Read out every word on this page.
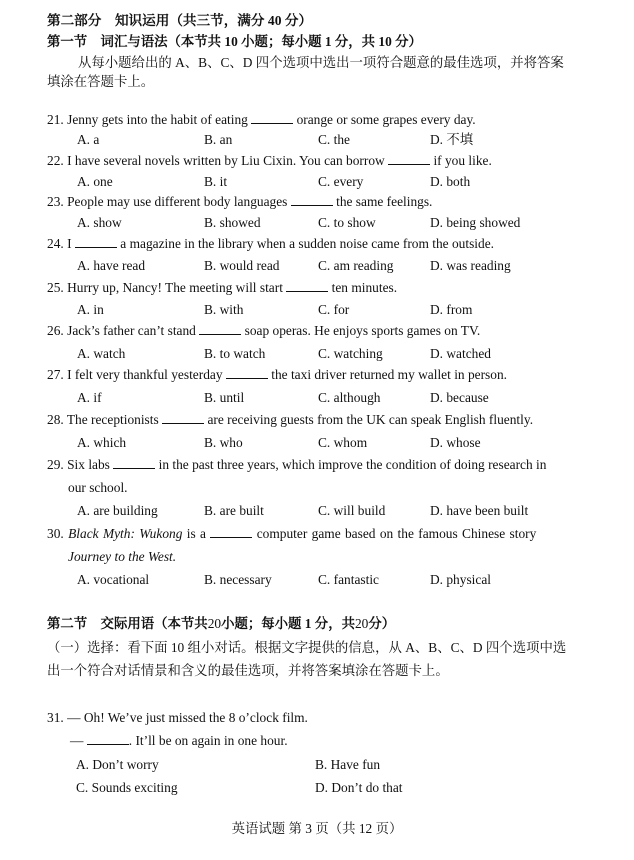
第二部分　知识运用（共三节，满分 40 分）
第一节　词汇与语法（本节共 10 小题；每小题 1 分，共 10 分）
从每小题给出的 A、B、C、D 四个选项中选出一项符合题意的最佳选项，并将答案
填涂在答题卡上。
21. Jenny gets into the habit of eating	orange or some grapes every day.
A. a	B. an	C. the	D. 不填
22. I have several novels written by Liu Cixin. You can borrow	if you like.
A. one	B. it	C. every	D. both
23. People may use different body languages	the same feelings.
A. show	B. showed	C. to show	D. being showed
24. I	a magazine in the library when a sudden noise came from the outside.
A. have read	B. would read	C. am reading	D. was reading
25. Hurry up, Nancy! The meeting will start	ten minutes.
A. in	B. with	C. for	D. from
26. Jack’s father can’t stand	soap operas. He enjoys sports games on TV.
A. watch	B. to watch	C. watching	D. watched
27. I felt very thankful yesterday	the taxi driver returned my wallet in person.
A. if	B. until	C. although	D. because
28. The receptionists	are receiving guests from the UK can speak English fluently.
A. which	B. who	C. whom	D. whose
29. Six labs	in the past three years, which improve the condition of doing research in
our school.
A. are building	B. are built	C. will build	D. have been built
30. Black Myth: Wukong is a	computer game based on the famous Chinese story
Journey to the West.
A. vocational	B. necessary	C. fantastic	D. physical
第二节　交际用语（本节共20小题；每小题 1 分，共20分）
（一）选择：看下面 10 组小对话。根据文字提供的信息，从 A、B、C、D 四个选项中选
出一个符合对话情景和含义的最佳选项，并将答案填涂在答题卡上。
31. — Oh! We’ve just missed the 8 o’clock film.
—	. It’ll be on again in one hour.
A. Don’t worry	B. Have fun
C. Sounds exciting	D. Don’t do that
英语试题 第 3 页（共 12 页）
